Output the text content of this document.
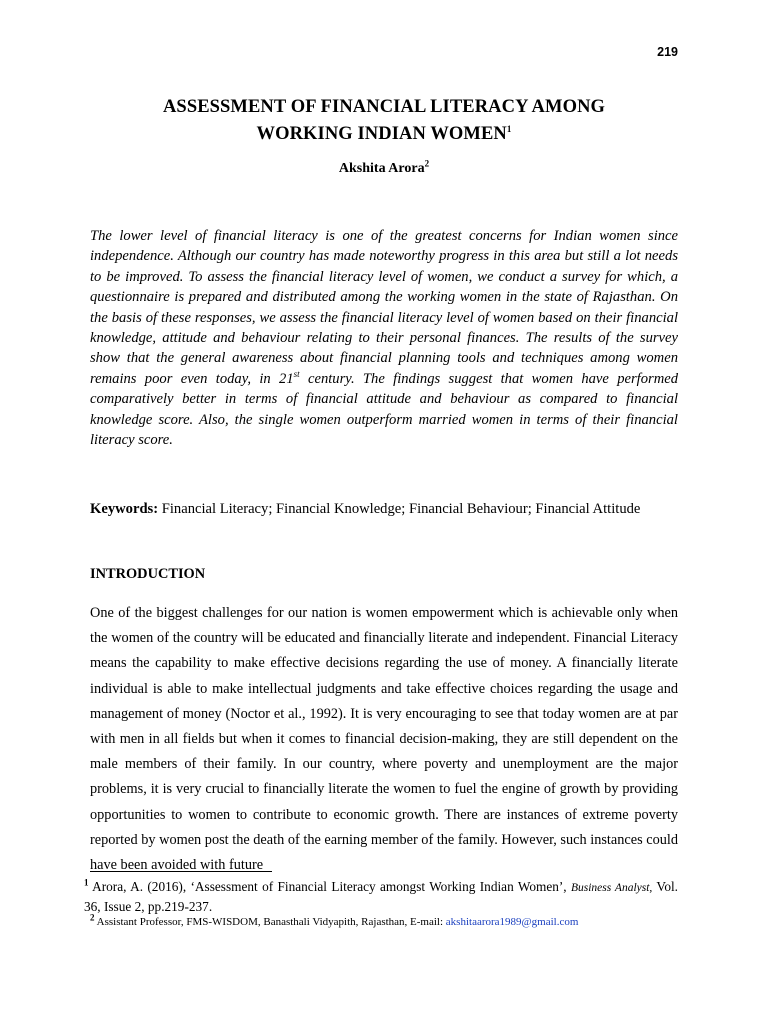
219
ASSESSMENT OF FINANCIAL LITERACY AMONG
WORKING INDIAN WOMEN$^1$
Akshita Arora$^2$

The lower level of financial literacy is one of the greatest concerns for Indian women since independence. Although our country has made noteworthy progress in this area but still a lot needs to be improved. To assess the financial literacy level of women, we conduct a survey for which, a questionnaire is prepared and distributed among the working women in the state of Rajasthan. On the basis of these responses, we assess the financial literacy level of women based on their financial knowledge, attitude and behaviour relating to their personal finances. The results of the survey show that the general awareness about financial planning tools and techniques among women remains poor even today, in 21st century. The findings suggest that women have performed comparatively better in terms of financial attitude and behaviour as compared to financial knowledge score. Also, the single women outperform married women in terms of their financial literacy score.

Keywords: Financial Literacy; Financial Knowledge; Financial Behaviour; Financial Attitude

INTRODUCTION

One of the biggest challenges for our nation is women empowerment which is achievable only when the women of the country will be educated and financially literate and independent. Financial Literacy means the capability to make effective decisions regarding the use of money. A financially literate individual is able to make intellectual judgments and take effective choices regarding the usage and management of money (Noctor et al., 1992). It is very encouraging to see that today women are at par with men in all fields but when it comes to financial decision-making, they are still dependent on the male members of their family. In our country, where poverty and unemployment are the major problems, it is very crucial to financially literate the women to fuel the engine of growth by providing opportunities to women to contribute to economic growth. There are instances of extreme poverty reported by women post the death of the earning member of the family. However, such instances could have been avoided with future

$^1$ Arora, A. (2016), ‘Assessment of Financial Literacy amongst Working Indian Women’, Business Analyst, Vol. 36, Issue 2, pp.219-237.

$^2$ Assistant Professor, FMS-WISDOM, Banasthali Vidyapith, Rajasthan, E-mail: akshitaarora1989@gmail.com
